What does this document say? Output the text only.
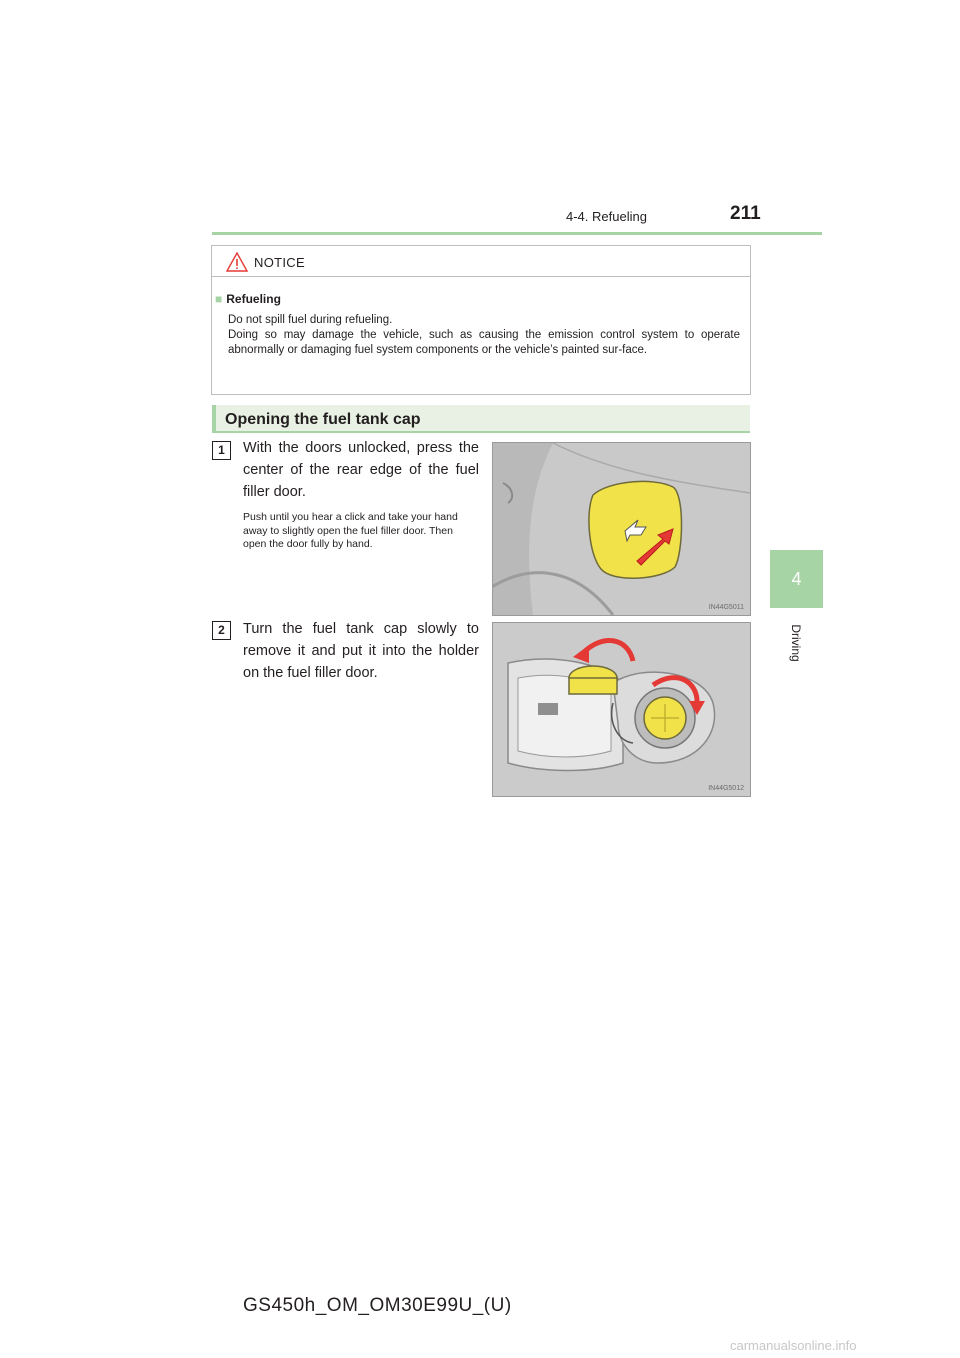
4-4. Refueling	211
4
Driving
NOTICE
■ Refueling

Do not spill fuel during refueling.

Doing so may damage the vehicle, such as causing the emission control system to operate abnormally or damaging fuel system components or the vehicle’s painted sur-face.

Opening the fuel tank cap
1	With the doors unlocked, press the center of the rear edge of the fuel filler door.
Push until you hear a click and take your hand away to slightly open the fuel filler door. Then open the door fully by hand.
IN44G5011
2	Turn the fuel tank cap slowly to remove it and put it into the holder on the fuel filler door.
IN44G5012
GS450h_OM_OM30E99U_(U)
carmanualsonline.info
